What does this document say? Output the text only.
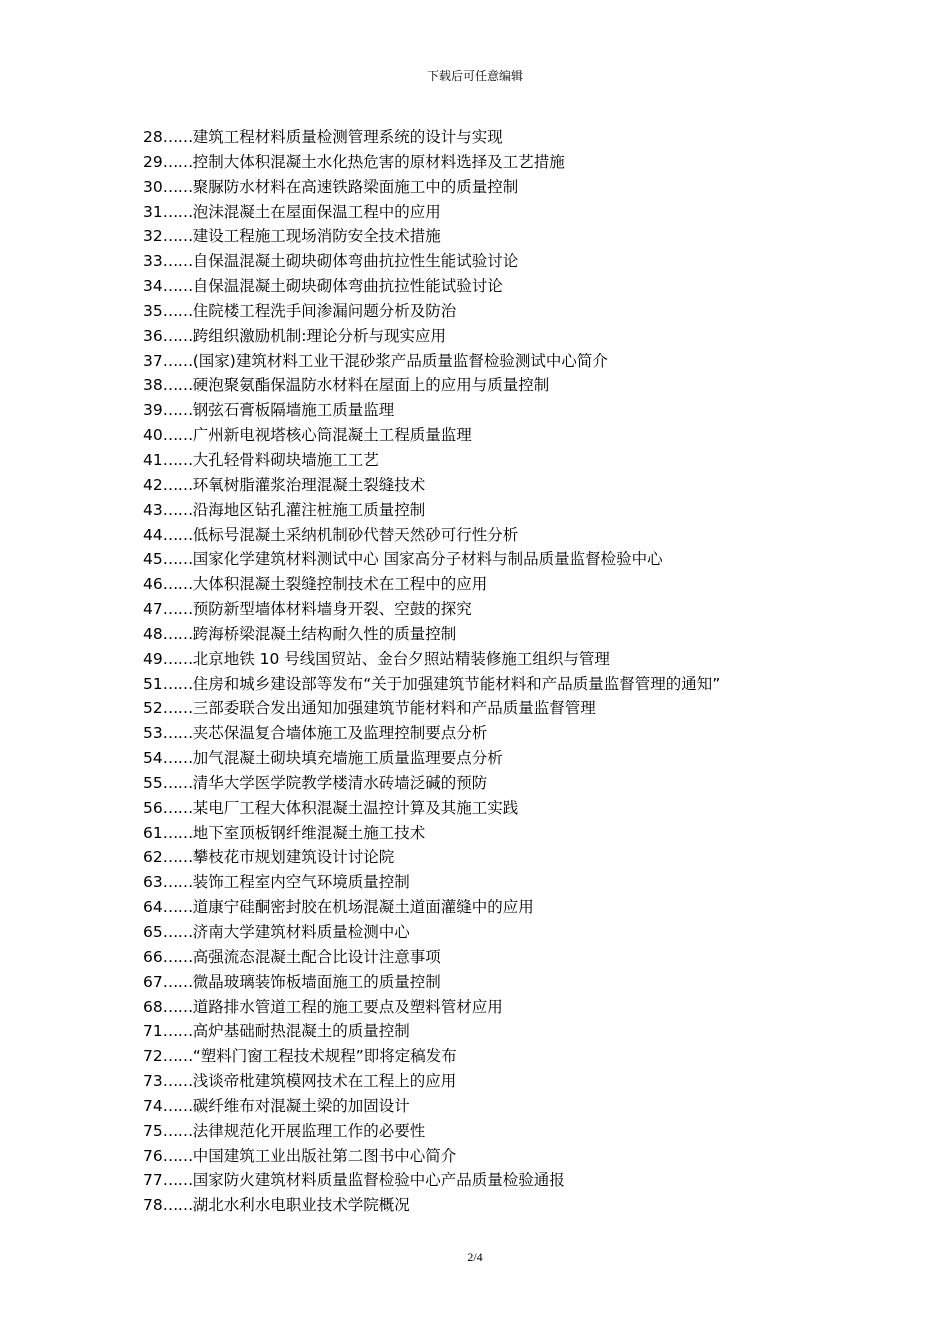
下载后可任意编辑
28……建筑工程材料质量检测管理系统的设计与实现
29……控制大体积混凝土水化热危害的原材料选择及工艺措施
30……聚脲防水材料在高速铁路梁面施工中的质量控制
31……泡沫混凝土在屋面保温工程中的应用
32……建设工程施工现场消防安全技术措施
33……自保温混凝土砌块砌体弯曲抗拉性生能试验讨论
34……自保温混凝土砌块砌体弯曲抗拉性能试验讨论
35……住院楼工程洗手间渗漏问题分析及防治
36……跨组织激励机制:理论分析与现实应用
37……(国家)建筑材料工业干混砂浆产品质量监督检验测试中心简介
38……硬泡聚氨酯保温防水材料在屋面上的应用与质量控制
39……钢弦石膏板隔墙施工质量监理
40……广州新电视塔核心筒混凝土工程质量监理
41……大孔轻骨料砌块墙施工工艺
42……环氧树脂灌浆治理混凝土裂缝技术
43……沿海地区钻孔灌注桩施工质量控制
44……低标号混凝土采纳机制砂代替天然砂可行性分析
45……国家化学建筑材料测试中心 国家高分子材料与制品质量监督检验中心
46……大体积混凝土裂缝控制技术在工程中的应用
47……预防新型墙体材料墙身开裂、空鼓的探究
48……跨海桥梁混凝土结构耐久性的质量控制
49……北京地铁 10 号线国贸站、金台夕照站精装修施工组织与管理
51……住房和城乡建设部等发布“关于加强建筑节能材料和产品质量监督管理的通知”
52……三部委联合发出通知加强建筑节能材料和产品质量监督管理
53……夹芯保温复合墙体施工及监理控制要点分析
54……加气混凝土砌块填充墙施工质量监理要点分析
55……清华大学医学院教学楼清水砖墙泛碱的预防
56……某电厂工程大体积混凝土温控计算及其施工实践
61……地下室顶板钢纤维混凝土施工技术
62……攀枝花市规划建筑设计讨论院
63……装饰工程室内空气环境质量控制
64……道康宁硅酮密封胶在机场混凝土道面灌缝中的应用
65……济南大学建筑材料质量检测中心
66……高强流态混凝土配合比设计注意事项
67……微晶玻璃装饰板墙面施工的质量控制
68……道路排水管道工程的施工要点及塑料管材应用
71……高炉基础耐热混凝土的质量控制
72……“塑料门窗工程技术规程”即将定稿发布
73……浅谈帝枇建筑模网技术在工程上的应用
74……碳纤维布对混凝土梁的加固设计
75……法律规范化开展监理工作的必要性
76……中国建筑工业出版社第二图书中心简介
77……国家防火建筑材料质量监督检验中心产品质量检验通报
78……湖北水利水电职业技术学院概况
2/4
